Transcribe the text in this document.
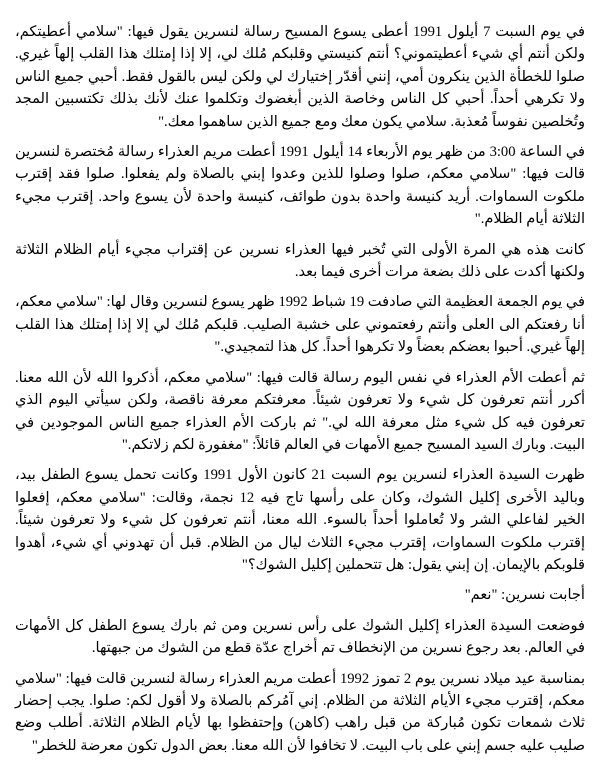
في يوم السبت 7 أيلول 1991 أعطى يسوع المسيح رسالة لنسرين يقول فيها: "سلامي أعطيتكم، ولكن أنتم أي شيء أعطيتموني؟ أنتم كنيستي وقلبكم مُلك لي، إلا إذا إمتلك هذا القلب إلهاً غيري. صلوا للخطأة الذين ينكرون أمي، إنني أقدّر إختيارك لي ولكن ليس بالقول فقط. أحبي جميع الناس ولا تكرهي أحداً. أحبي كل الناس وخاصة الذين أبغضوك وتكلموا عنك لأنك بذلك تكتسبين المجد وتُخلصين نفوساً مُعذبة. سلامي يكون معك ومع جميع الذين ساهموا معك."

في الساعة 3:00 من ظهر يوم الأربعاء 14 أيلول 1991 أعطت مريم العذراء رسالة مُختصرة لنسرين قالت فيها: "سلامي معكم، صلوا وصلوا للذين وعدوا إبني بالصلاة ولم يفعلوا. صلوا فقد إقترب ملكوت السماوات. أريد كنيسة واحدة بدون طوائف، كنيسة واحدة لأن يسوع واحد. إقترب مجيء الثلاثة أيام الظلام."

كانت هذه هي المرة الأولى التي تُخبر فيها العذراء نسرين عن إقتراب مجيء أيام الظلام الثلاثة ولكنها أكدت على ذلك بضعة مرات أخرى فيما بعد.

في يوم الجمعة العظيمة التي صادفت 19 شباط 1992 ظهر يسوع لنسرين وقال لها: "سلامي معكم، أنا رفعتكم الى العلى وأنتم رفعتموني على خشبة الصليب. قلبكم مُلك لي إلا إذا إمتلك هذا القلب إلهاً غيري. أحبوا بعضكم بعضاً ولا تكرهوا أحداً. كل هذا لتمجيدي."

ثم أعطت الأم العذراء في نفس اليوم رسالة قالت فيها: "سلامي معكم، أذكروا الله لأن الله معنا. أكرر أنتم تعرفون كل شيء ولا تعرفون شيئاً. معرفتكم معرفة ناقصة، ولكن سيأتي اليوم الذي تعرفون فيه كل شيء مثل معرفة الله لي." ثم باركت الأم العذراء جميع الناس الموجودين في البيت. وبارك السيد المسيح جميع الأمهات في العالم قائلاً: "مغفورة لكم زلاتكم."

ظهرت السيدة العذراء لنسرين يوم السبت 21 كانون الأول 1991 وكانت تحمل يسوع الطفل بيد، وباليد الأخرى إكليل الشوك، وكان على رأسها تاج فيه 12 نجمة، وقالت: "سلامي معكم، إفعلوا الخير لفاعلي الشر ولا تُعاملوا أحداً بالسوء. الله معنا، أنتم تعرفون كل شيء ولا تعرفون شيئاً. إقترب ملكوت السماوات، إقترب مجيء الثلاث ليال من الظلام. قبل أن تهدوني أي شيء، أهدوا قلوبكم بالإيمان. إن إبني يقول: هل تتحملين إكليل الشوك؟"

أجابت نسرين: "نعم"

فوضعت السيدة العذراء إكليل الشوك على رأس نسرين ومن ثم بارك يسوع الطفل كل الأمهات في العالم. بعد رجوع نسرين من الإنخطاف تم أخراج عدّة قطع من الشوك من جبهتها.

بمناسبة عيد ميلاد نسرين يوم 2 تموز 1992 أعطت مريم العذراء رسالة لنسرين قالت فيها: "سلامي معكم، إقترب مجيء الأيام الثلاثة من الظلام. إني آمُركم بالصلاة ولا أقول لكم: صلوا. يجب إحضار ثلاث شمعات تكون مُباركة من قبل راهب (كاهن) وإحتفظوا بها لأيام الظلام الثلاثة. أطلب وضع صليب عليه جسم إبني على باب البيت. لا تخافوا لأن الله معنا. بعض الدول تكون معرضة للخطر"
